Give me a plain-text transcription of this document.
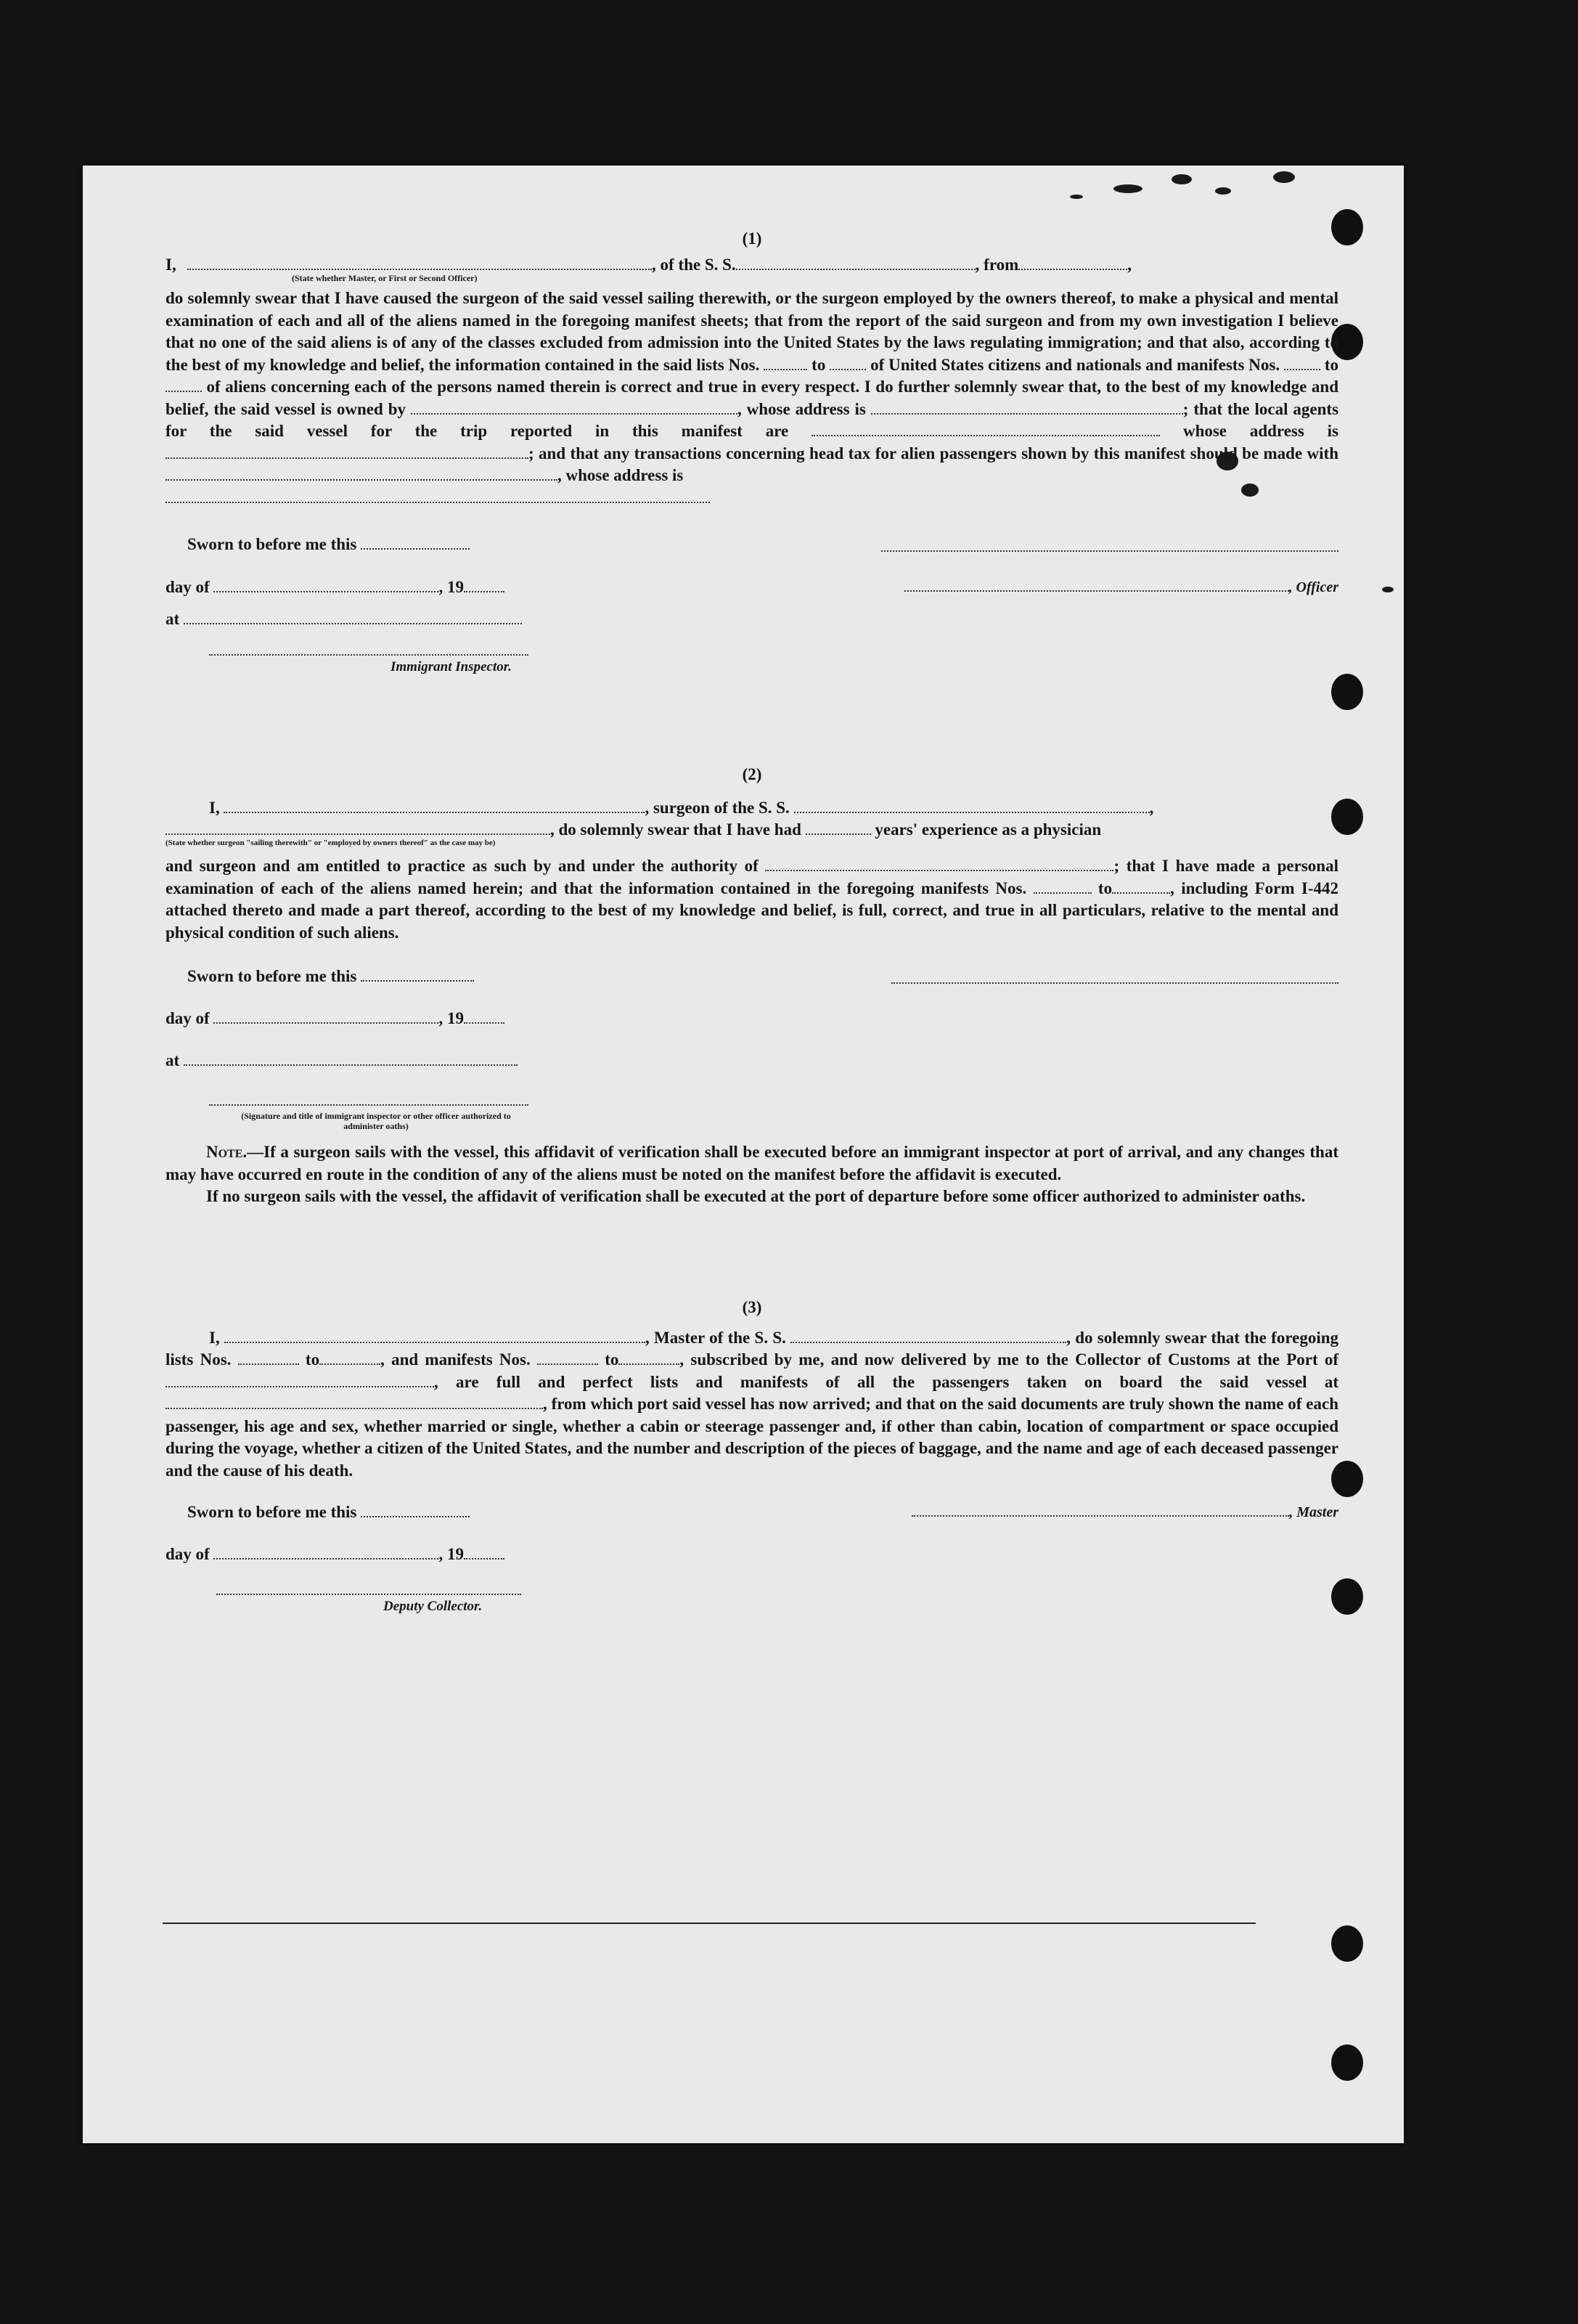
(1)
I,	, of the S. S.	, from	,
(State whether Master, or First or Second Officer)
do solemnly swear that I have caused the surgeon of the said vessel sailing therewith, or the surgeon employed by the owners thereof, to make a physical and mental examination of each and all of the aliens named in the foregoing manifest sheets; that from the report of the said surgeon and from my own investigation I believe that no one of the said aliens is of any of the classes excluded from admission into the United States by the laws regulating immigration; and that also, according to the best of my knowledge and belief, the information contained in the said lists Nos.	to	of United States citizens and nationals and manifests Nos.	to  of aliens concerning each of the persons named therein is correct and true in every respect. I do further solemnly swear that, to the best of my knowledge and belief, the said vessel is owned by	, whose address is	; that the local agents for the said vessel for the trip reported in this manifest are	whose address is ; and that any transactions concerning head tax for alien passengers shown by this manifest should be made with , whose address is

Sworn to before me this
day of	, 19	, Officer
at
Immigrant Inspector.
(2)
I,	, surgeon of the S. S.	,
, do solemnly swear that I have had	years' experience as a physician
(State whether surgeon "sailing therewith" or "employed by owners thereof" as the case may be)
and surgeon and am entitled to practice as such by and under the authority of	; that I have made a personal examination of each of the aliens named herein; and that the information contained in the foregoing manifests Nos.	to	, including Form I-442 attached thereto and made a part thereof, according to the best of my knowledge and belief, is full, correct, and true in all particulars, relative to the mental and physical condition of such aliens.
Sworn to before me this
day of	, 19
at
(Signature and title of immigrant inspector or other officer authorized to administer oaths)
Note.—If a surgeon sails with the vessel, this affidavit of verification shall be executed before an immigrant inspector at port of arrival, and any changes that may have occurred en route in the condition of any of the aliens must be noted on the manifest before the affidavit is executed.
If no surgeon sails with the vessel, the affidavit of verification shall be executed at the port of departure before some officer authorized to administer oaths.
(3)
I,	, Master of the S. S.	, do solemnly swear that the foregoing lists Nos.	to	, and manifests Nos.	to	, subscribed by me, and now delivered by me to the Collector of Customs at the Port of , are full and perfect lists and manifests of all the passengers taken on board the said vessel at , from which port said vessel has now arrived; and that on the said documents are truly shown the name of each passenger, his age and sex, whether married or single, whether a cabin or steerage passenger and, if other than cabin, location of compartment or space occupied during the voyage, whether a citizen of the United States, and the number and description of the pieces of baggage, and the name and age of each deceased passenger and the cause of his death.
Sworn to before me this	, Master
day of	, 19
Deputy Collector.
